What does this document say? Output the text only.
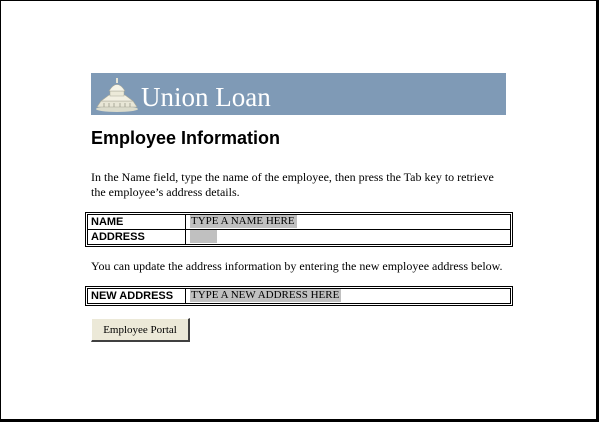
Union Loan
Employee Information
In the Name field, type the name of the employee, then press the Tab key to retrieve the employee’s address details.
NAME	TYPE A NAME HERE
ADDRESS
You can update the address information by entering the new employee address below.
NEW ADDRESS	TYPE A NEW ADDRESS HERE
Employee Portal
